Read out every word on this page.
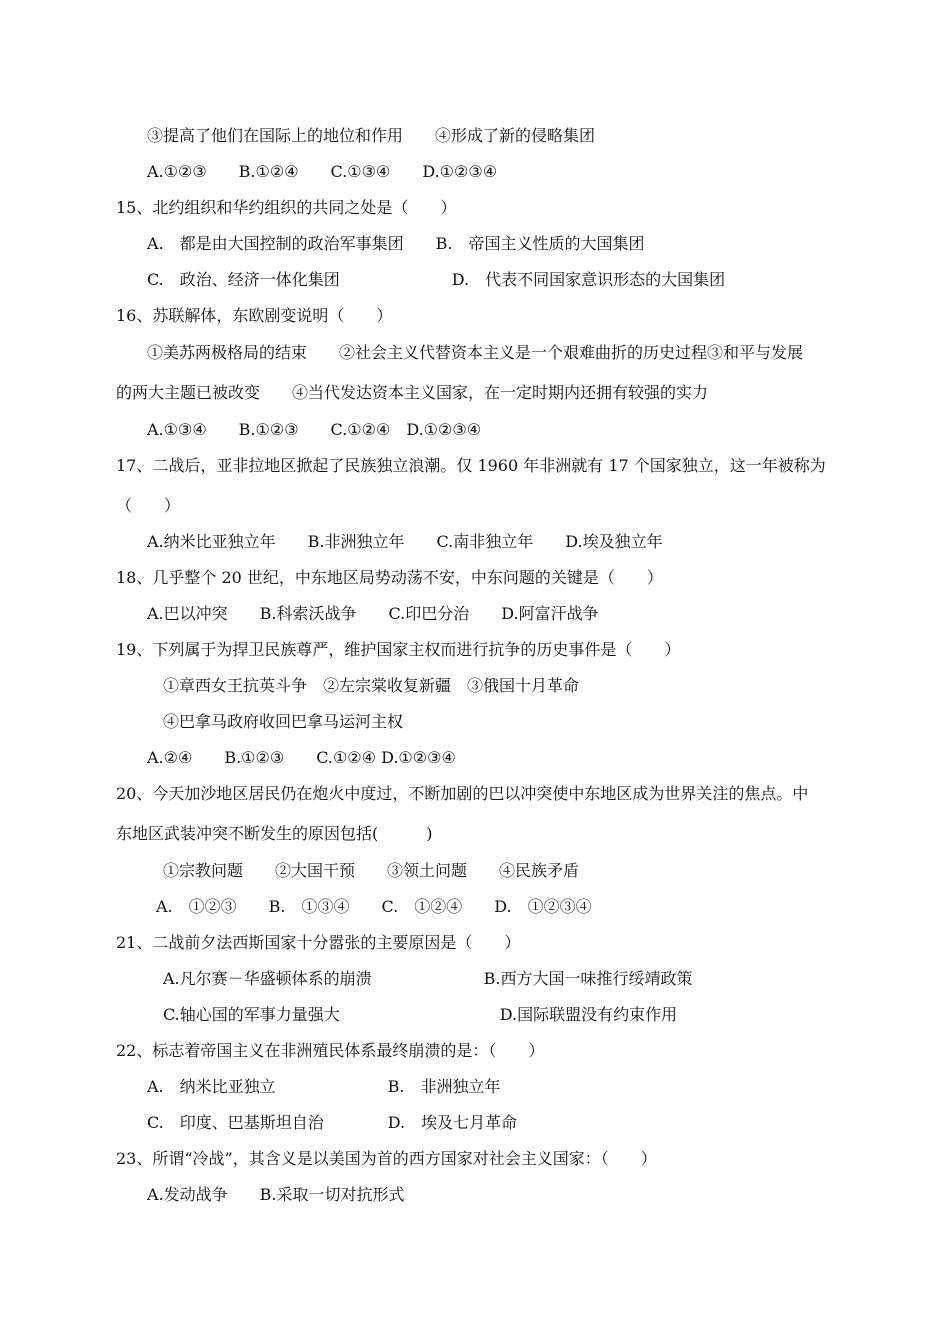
③提高了他们在国际上的地位和作用　　④形成了新的侵略集团
A.①②③　　B.①②④　　C.①③④　　D.①②③④
15、北约组织和华约组织的共同之处是（　　）
A.　都是由大国控制的政治军事集团　　B.　帝国主义性质的大国集团
C.　政治、经济一体化集团　　　　　　　D.　代表不同国家意识形态的大国集团
16、苏联解体，东欧剧变说明（　　）
①美苏两极格局的结束　　②社会主义代替资本主义是一个艰难曲折的历史过程③和平与发展
的两大主题已被改变　　④当代发达资本主义国家，在一定时期内还拥有较强的实力
A.①③④　　B.①②③　　C.①②④　D.①②③④
17、二战后，亚非拉地区掀起了民族独立浪潮。仅 1960 年非洲就有 17 个国家独立，这一年被称为
（　　）
A.纳米比亚独立年　　B.非洲独立年　　C.南非独立年　　D.埃及独立年
18、几乎整个 20 世纪，中东地区局势动荡不安，中东问题的关键是（　　）
A.巴以冲突　　B.科索沃战争　　C.印巴分治　　D.阿富汗战争
19、下列属于为捍卫民族尊严，维护国家主权而进行抗争的历史事件是（　　）
①章西女王抗英斗争　②左宗棠收复新疆　③俄国十月革命
④巴拿马政府收回巴拿马运河主权
A.②④　　B.①②③　　C.①②④ D.①②③④
20、今天加沙地区居民仍在炮火中度过，不断加剧的巴以冲突使中东地区成为世界关注的焦点。中
东地区武装冲突不断发生的原因包括(　　　)
①宗教问题　　②大国干预　　③领土问题　　④民族矛盾
A.　①②③　　B.　①③④　　C.　①②④　　D.　①②③④
21、二战前夕法西斯国家十分嚣张的主要原因是（　　）
A.凡尔赛－华盛顿体系的崩溃　　　　　　　B.西方大国一味推行绥靖政策
C.轴心国的军事力量强大　　　　　　　　　　D.国际联盟没有约束作用
22、标志着帝国主义在非洲殖民体系最终崩溃的是：（　　）
A.　纳米比亚独立　　　　　　　B.　非洲独立年
C.　印度、巴基斯坦自治　　　　D.　埃及七月革命
23、所谓“冷战”，其含义是以美国为首的西方国家对社会主义国家：（　　）
A.发动战争　　B.采取一切对抗形式
